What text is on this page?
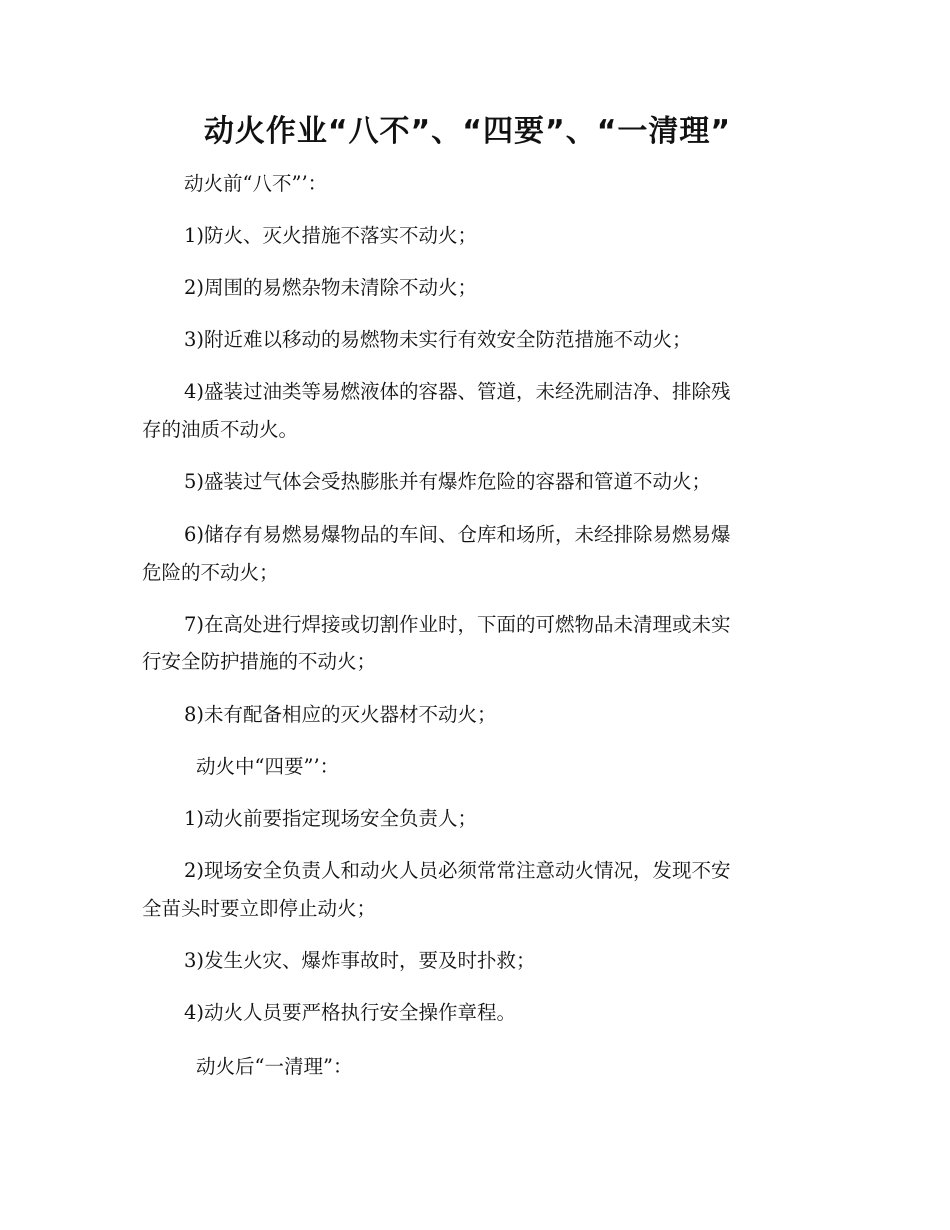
动火作业“八不”、“四要”、“一清理”
动火前“八不”’：
1)防火、灭火措施不落实不动火；
2)周围的易燃杂物未清除不动火；
3)附近难以移动的易燃物未实行有效安全防范措施不动火；
4)盛装过油类等易燃液体的容器、管道，未经洗刷洁净、排除残
存的油质不动火。
5)盛装过气体会受热膨胀并有爆炸危险的容器和管道不动火；
6)储存有易燃易爆物品的车间、仓库和场所，未经排除易燃易爆
危险的不动火；
7)在高处进行焊接或切割作业时，下面的可燃物品未清理或未实
行安全防护措施的不动火；
8)未有配备相应的灭火器材不动火；
动火中“四要”’：
1)动火前要指定现场安全负责人；
2)现场安全负责人和动火人员必须常常注意动火情况，发现不安
全苗头时要立即停止动火；
3)发生火灾、爆炸事故时，要及时扑救；
4)动火人员要严格执行安全操作章程。
动火后“一清理”：
